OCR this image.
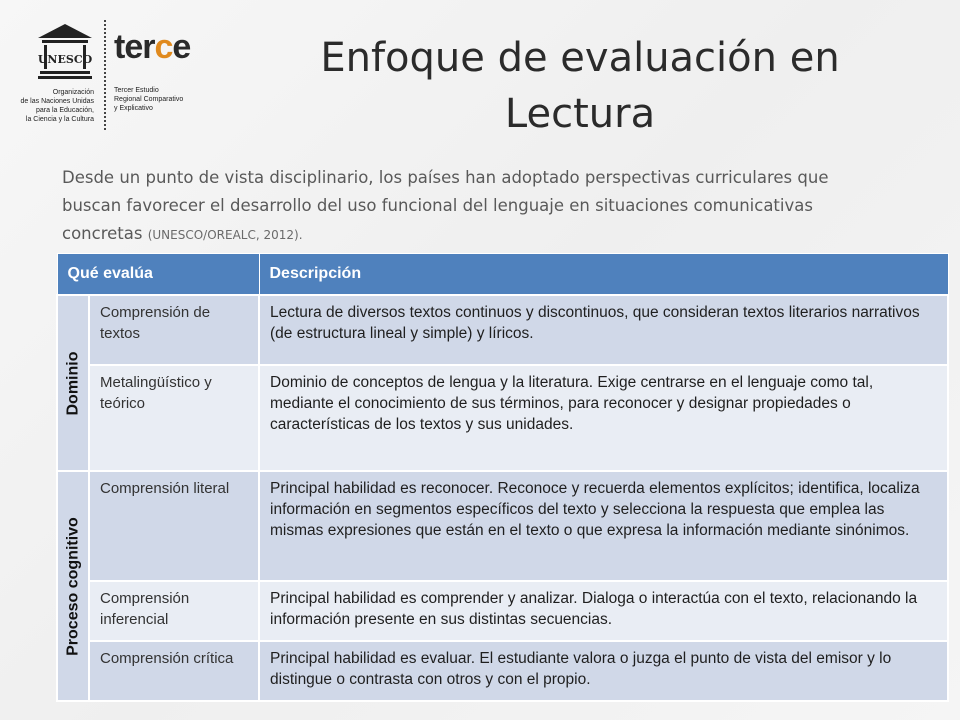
UNESCO
Organización
de las Naciones Unidas
para la Educación,
la Ciencia y la Cultura
terce
Tercer Estudio
Regional Comparativo
y Explicativo
Enfoque de evaluación en
Lectura

Desde un punto de vista disciplinario, los países han adoptado perspectivas curriculares que buscan favorecer el desarrollo del uso funcional del lenguaje en situaciones comunicativas concretas (UNESCO/OREALC, 2012).

Qué evalúa		Descripción

Dominio	Comprensión de textos	Lectura de diversos textos continuos y discontinuos, que consideran textos literarios narrativos (de estructura lineal y simple) y líricos.
	Metalingüístico y teórico	Dominio de conceptos de lengua y la literatura. Exige centrarse en el lenguaje como tal, mediante el conocimiento de sus términos, para reconocer y designar propiedades o características de los textos y sus unidades.

Proceso cognitivo	Comprensión literal	Principal habilidad es reconocer. Reconoce y recuerda elementos explícitos; identifica, localiza información en segmentos específicos del texto y selecciona la respuesta que emplea las mismas expresiones que están en el texto o que expresa la información mediante sinónimos.
	Comprensión inferencial	Principal habilidad es comprender y analizar. Dialoga o interactúa con el texto, relacionando la información presente en sus distintas secuencias.
	Comprensión crítica	Principal habilidad es evaluar. El estudiante valora o juzga el punto de vista del emisor y lo distingue o contrasta con otros y con el propio.
